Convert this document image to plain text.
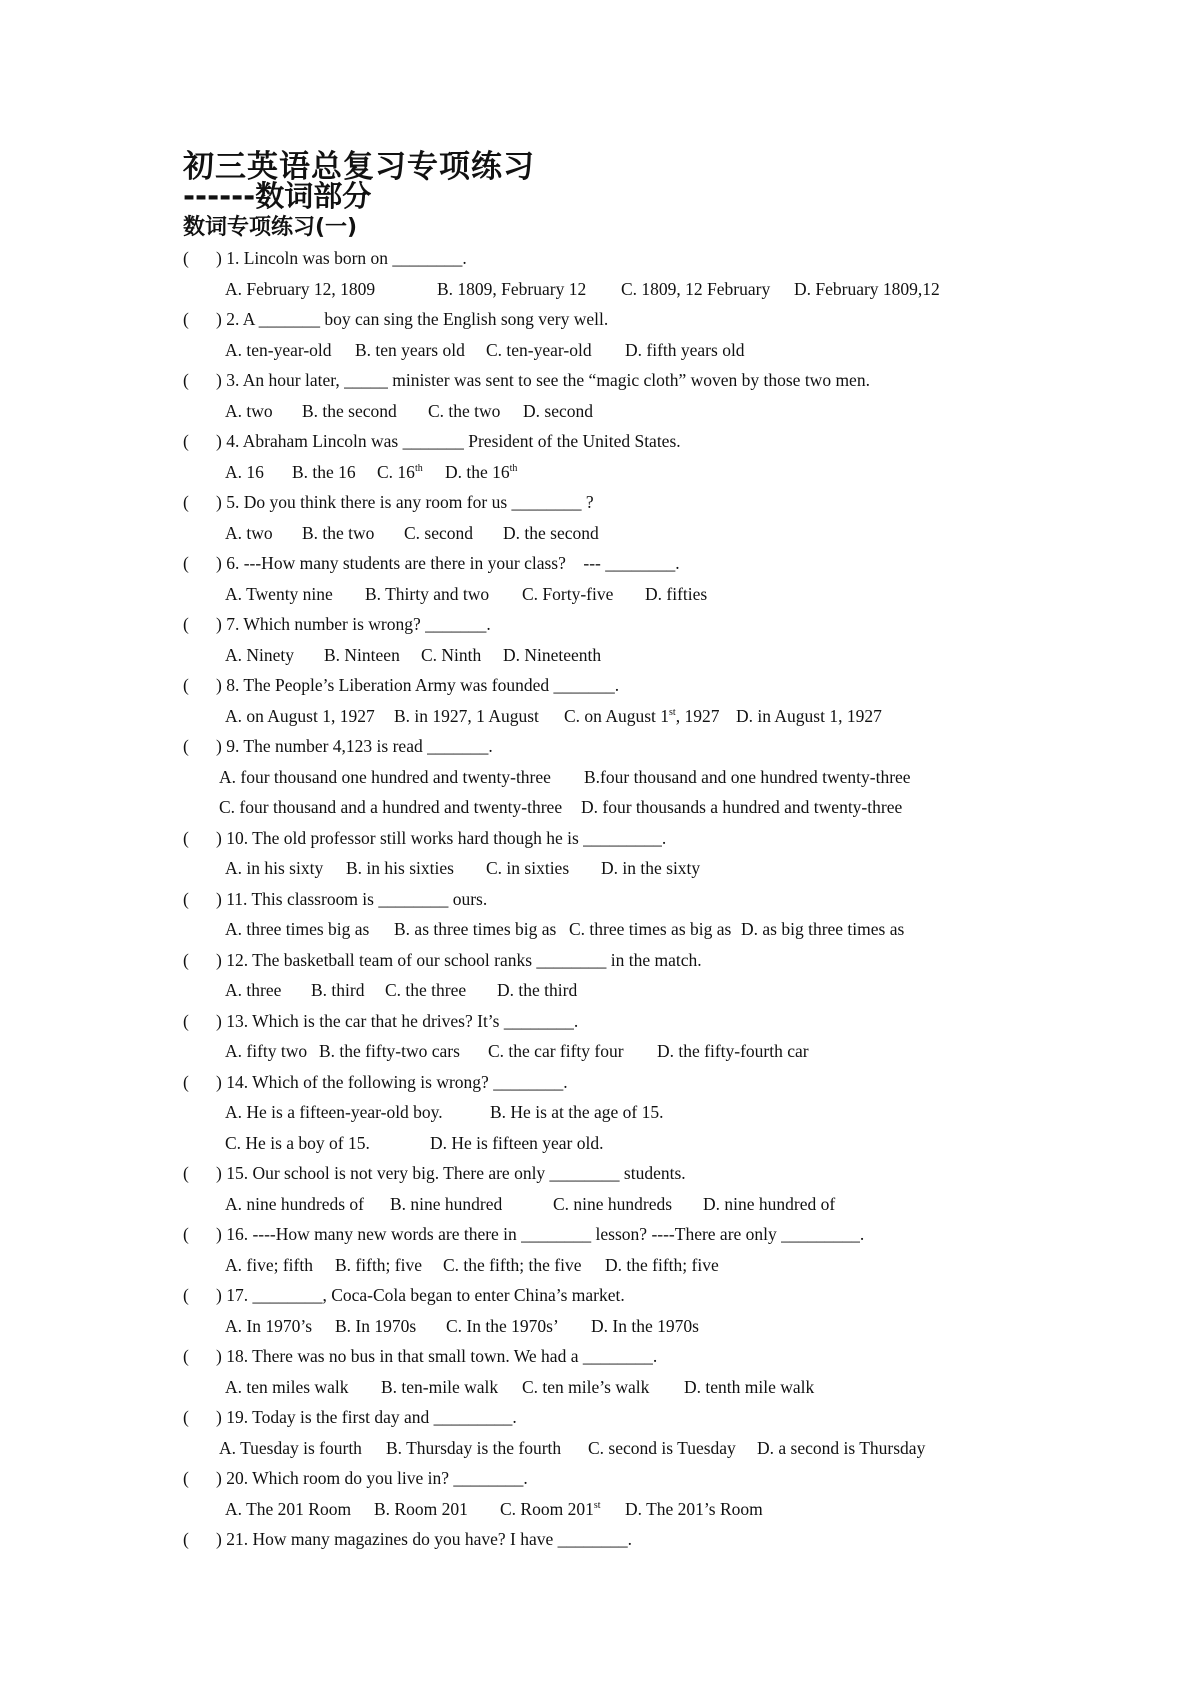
初三英语总复习专项练习
------数词部分
数词专项练习(一)
( ) 1. Lincoln was born on ________.
A. February 12, 1809	B. 1809, February 12 C. 1809, 12 February D. February 1809,12
( ) 2. A _______ boy can sing the English song very well.
A. ten-year-old B. ten years old C. ten-year-old D. fifth years old
( ) 3. An hour later, _____ minister was sent to see the “magic cloth” woven by those two men.
A. two B. the second C. the two D. second
( ) 4. Abraham Lincoln was _______ President of the United States.
A. 16 B. the 16 C. 16th D. the 16th
( ) 5. Do you think there is any room for us ________ ?
A. two B. the two C. second D. the second
( ) 6. ---How many students are there in your class?    --- ________.
A. Twenty nine B. Thirty and two C. Forty-five D. fifties
( ) 7. Which number is wrong? _______.
A. Ninety B. Ninteen C. Ninth D. Nineteenth
( ) 8. The People’s Liberation Army was founded _______.
A. on August 1, 1927 B. in 1927, 1 August C. on August 1st, 1927 D. in August 1, 1927
( ) 9. The number 4,123 is read _______.
A. four thousand one hundred and twenty-three B.four thousand and one hundred twenty-three
C. four thousand and a hundred and twenty-three D. four thousands a hundred and twenty-three
( ) 10. The old professor still works hard though he is _________.
A. in his sixty B. in his sixties C. in sixties D. in the sixty
( ) 11. This classroom is ________ ours.
A. three times big as B. as three times big as C. three times as big as D. as big three times as
( ) 12. The basketball team of our school ranks ________ in the match.
A. three B. third C. the three D. the third
( ) 13. Which is the car that he drives? It’s ________.
A. fifty two B. the fifty-two cars C. the car fifty four D. the fifty-fourth car
( ) 14. Which of the following is wrong? ________.
A. He is a fifteen-year-old boy.	B. He is at the age of 15.
C. He is a boy of 15.	D. He is fifteen year old.
( ) 15. Our school is not very big. There are only ________ students.
A. nine hundreds of B. nine hundred	C. nine hundreds D. nine hundred of
( ) 16. ----How many new words are there in ________ lesson? ----There are only _________.
A. five; fifth B. fifth; five C. the fifth; the five D. the fifth; five
( ) 17. ________, Coca-Cola began to enter China’s market.
A. In 1970’s B. In 1970s C. In the 1970s’ D. In the 1970s
( ) 18. There was no bus in that small town. We had a ________.
A. ten miles walk B. ten-mile walk C. ten mile’s walk D. tenth mile walk
( ) 19. Today is the first day and _________.
A. Tuesday is fourth B. Thursday is the fourth C. second is Tuesday D. a second is Thursday
( ) 20. Which room do you live in? ________.
A. The 201 Room B. Room 201 C. Room 201st D. The 201’s Room
( ) 21. How many magazines do you have? I have ________.
